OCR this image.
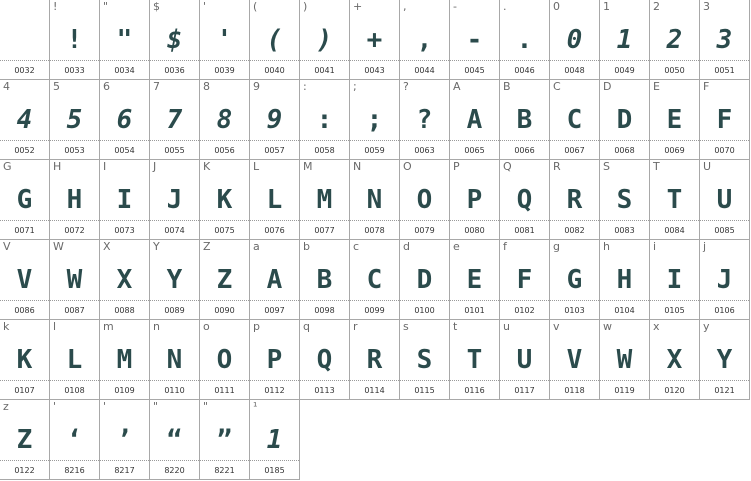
0032
!
!
0033
"
"
0034
$
$
0036
'
'
0039
(
(
0040
)
)
0041
+
+
0043
,
,
0044
-
-
0045
.
.
0046
0
0
0048
1
1
0049
2
2
0050
3
3
0051
4
4
0052
5
5
0053
6
6
0054
7
7
0055
8
8
0056
9
9
0057
:
:
0058
;
;
0059
?
?
0063
A
A
0065
B
B
0066
C
C
0067
D
D
0068
E
E
0069
F
F
0070
G
G
0071
H
H
0072
I
I
0073
J
J
0074
K
K
0075
L
L
0076
M
M
0077
N
N
0078
O
O
0079
P
P
0080
Q
Q
0081
R
R
0082
S
S
0083
T
T
0084
U
U
0085
V
V
0086
W
W
0087
X
X
0088
Y
Y
0089
Z
Z
0090
a
A
0097
b
B
0098
c
C
0099
d
D
0100
e
E
0101
f
F
0102
g
G
0103
h
H
0104
i
I
0105
j
J
0106
k
K
0107
l
L
0108
m
M
0109
n
N
0110
o
O
0111
p
P
0112
q
Q
0113
r
R
0114
s
S
0115
t
T
0116
u
U
0117
v
V
0118
w
W
0119
x
X
0120
y
Y
0121
z
Z
0122
'
‘
8216
'
’
8217
"
“
8220
"
”
8221
¹
1
0185
